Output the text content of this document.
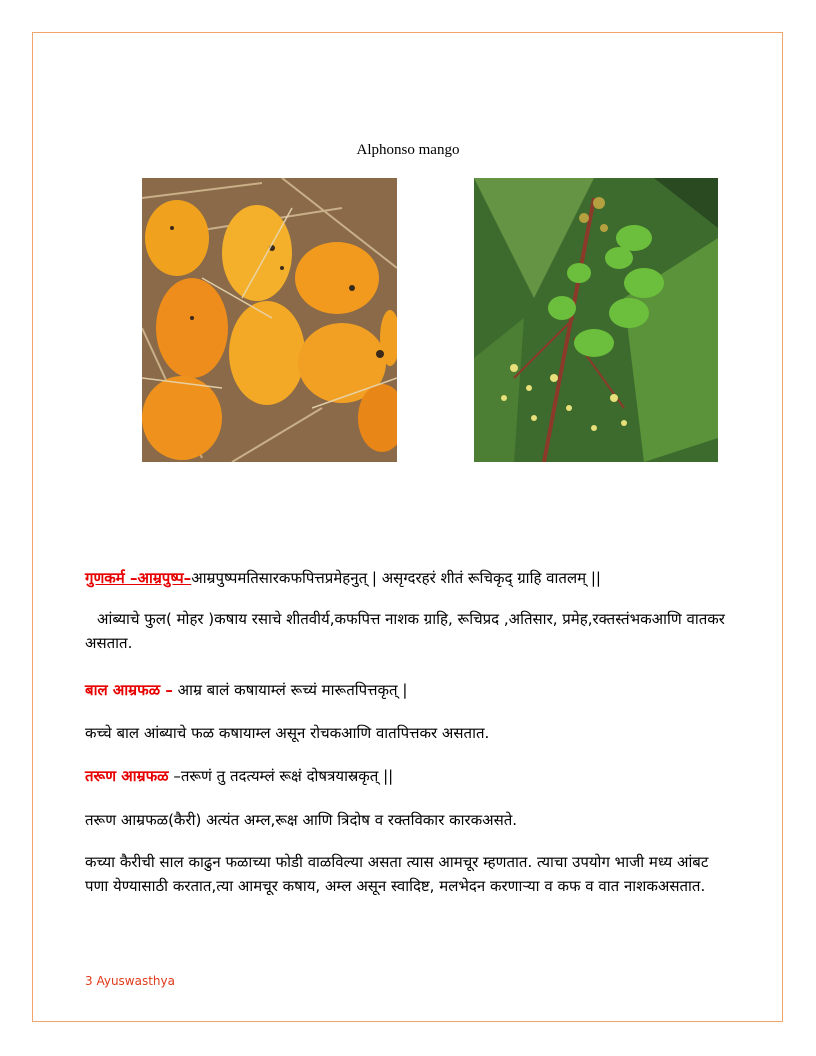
Alphonso mango
गुणकर्म –आम्रपुष्प–आम्रपुष्पमतिसारकफपित्तप्रमेहनुत् | असृग्दरहरं शीतं रूचिकृद् ग्राहि वातलम् ||
आंब्याचे फुल( मोहर )कषाय रसाचे शीतवीर्य,कफपित्त नाशक ग्राहि, रूचिप्रद ,अतिसार, प्रमेह,रक्तस्तंभकआणि वातकर असतात.
बाल आम्रफळ – आम्र बालं कषायाम्लं रूच्यं मारूतपित्तकृत् |
कच्चे बाल आंब्याचे फळ कषायाम्ल असून रोचकआणि वातपित्तकर असतात.
तरूण आम्रफळ –तरूणं तु तदत्यम्लं रूक्षं दोषत्रयास्रकृत् ||
तरूण आम्रफळ(कैरी) अत्यंत अम्ल,रूक्ष आणि त्रिदोष व रक्तविकार कारकअसते.
कच्या कैरीची साल काढुन फळाच्या फोडी वाळविल्या असता त्यास आमचूर म्हणतात. त्याचा उपयोग भाजी मध्य आंबट पणा येण्यासाठी करतात,त्या आमचूर कषाय, अम्ल असून स्वादिष्ट, मलभेदन करणाऱ्या व कफ व वात नाशकअसतात.
3 Ayuswasthya
